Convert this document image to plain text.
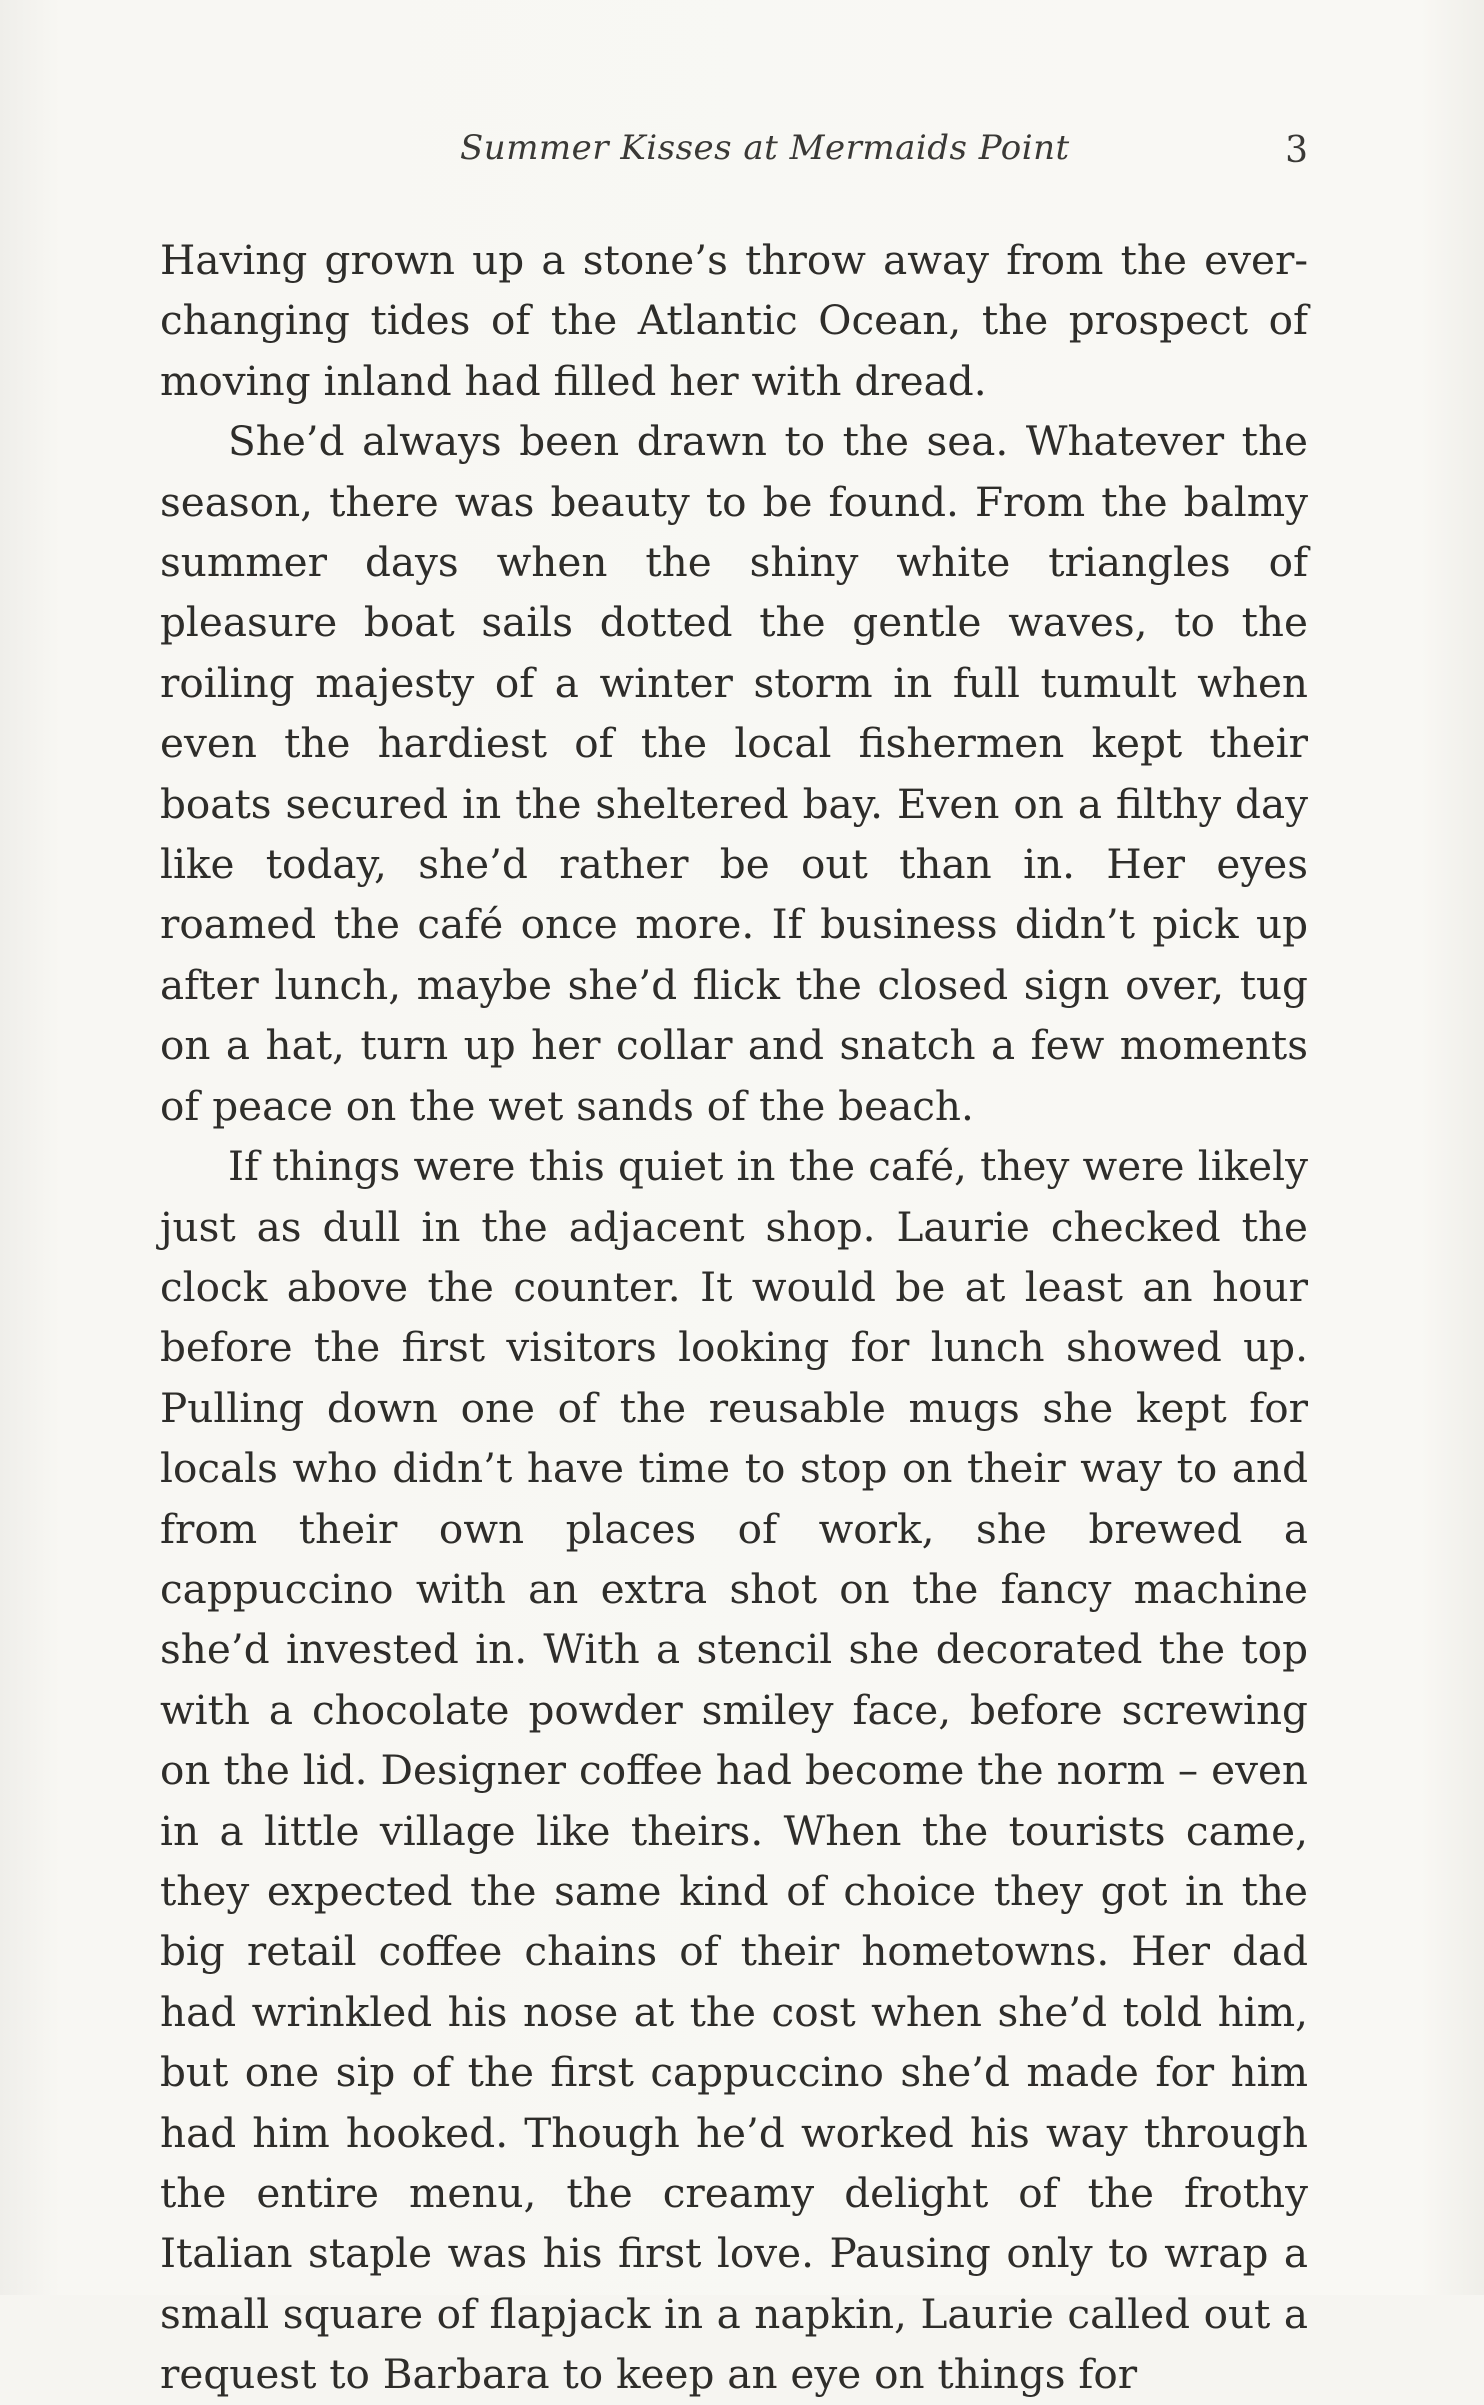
Summer Kisses at Mermaids Point	3

Having grown up a stone’s throw away from the ever-changing tides of the Atlantic Ocean, the prospect of moving inland had filled her with dread.

She’d always been drawn to the sea. Whatever the season, there was beauty to be found. From the balmy summer days when the shiny white triangles of pleasure boat sails dotted the gentle waves, to the roiling majesty of a winter storm in full tumult when even the hardiest of the local fishermen kept their boats secured in the sheltered bay. Even on a filthy day like today, she’d rather be out than in. Her eyes roamed the café once more. If business didn’t pick up after lunch, maybe she’d flick the closed sign over, tug on a hat, turn up her collar and snatch a few moments of peace on the wet sands of the beach.

If things were this quiet in the café, they were likely just as dull in the adjacent shop. Laurie checked the clock above the counter. It would be at least an hour before the first visitors looking for lunch showed up. Pulling down one of the reusable mugs she kept for locals who didn’t have time to stop on their way to and from their own places of work, she brewed a cappuccino with an extra shot on the fancy machine she’d invested in. With a stencil she decorated the top with a chocolate powder smiley face, before screwing on the lid. Designer coffee had become the norm – even in a little village like theirs. When the tourists came, they expected the same kind of choice they got in the big retail coffee chains of their hometowns. Her dad had wrinkled his nose at the cost when she’d told him, but one sip of the first cappuccino she’d made for him had him hooked. Though he’d worked his way through the entire menu, the creamy delight of the frothy Italian staple was his first love. Pausing only to wrap a small square of flapjack in a napkin, Laurie called out a request to Barbara to keep an eye on things for
